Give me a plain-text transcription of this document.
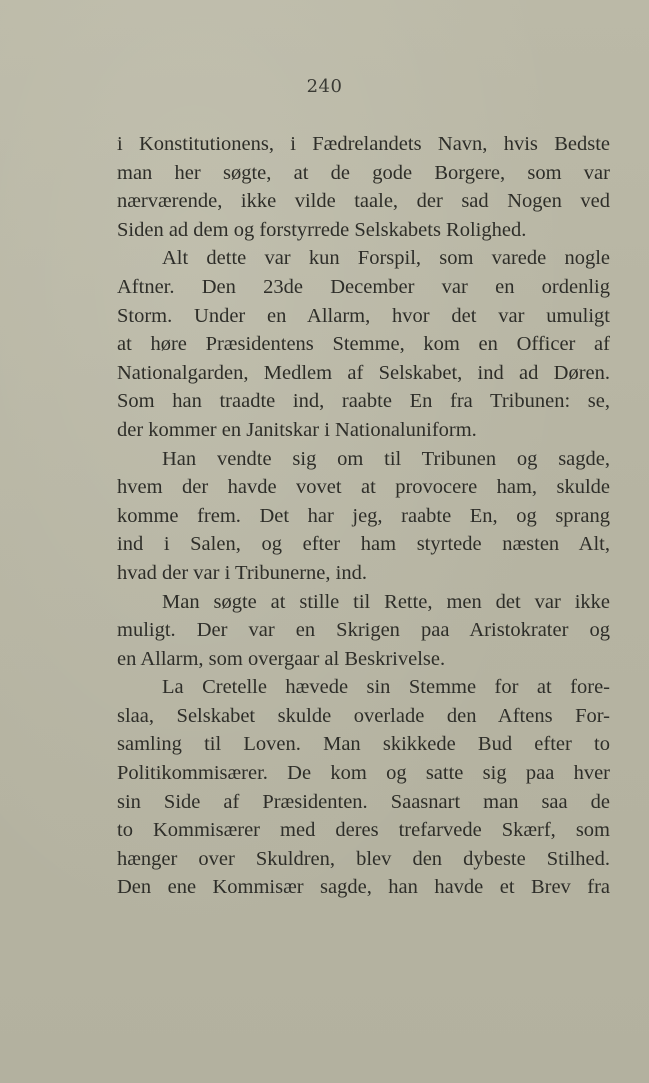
240
i Konstitutionens, i Fædrelandets Navn, hvis Bedste
man her søgte, at de gode Borgere, som var
nærværende, ikke vilde taale, der sad Nogen ved
Siden ad dem og forstyrrede Selskabets Rolighed.
Alt dette var kun Forspil, som varede nogle
Aftner. Den 23de December var en ordenlig
Storm. Under en Allarm, hvor det var umuligt
at høre Præsidentens Stemme, kom en Officer af
Nationalgarden, Medlem af Selskabet, ind ad Døren.
Som han traadte ind, raabte En fra Tribunen: se,
der kommer en Janitskar i Nationaluniform.
Han vendte sig om til Tribunen og sagde,
hvem der havde vovet at provocere ham, skulde
komme frem. Det har jeg, raabte En, og sprang
ind i Salen, og efter ham styrtede næsten Alt,
hvad der var i Tribunerne, ind.
Man søgte at stille til Rette, men det var ikke
muligt. Der var en Skrigen paa Aristokrater og
en Allarm, som overgaar al Beskrivelse.
La Cretelle hævede sin Stemme for at fore-
slaa, Selskabet skulde overlade den Aftens For-
samling til Loven. Man skikkede Bud efter to
Politikommisærer. De kom og satte sig paa hver
sin Side af Præsidenten. Saasnart man saa de
to Kommisærer med deres trefarvede Skærf, som
hænger over Skuldren, blev den dybeste Stilhed.
Den ene Kommisær sagde, han havde et Brev fra
